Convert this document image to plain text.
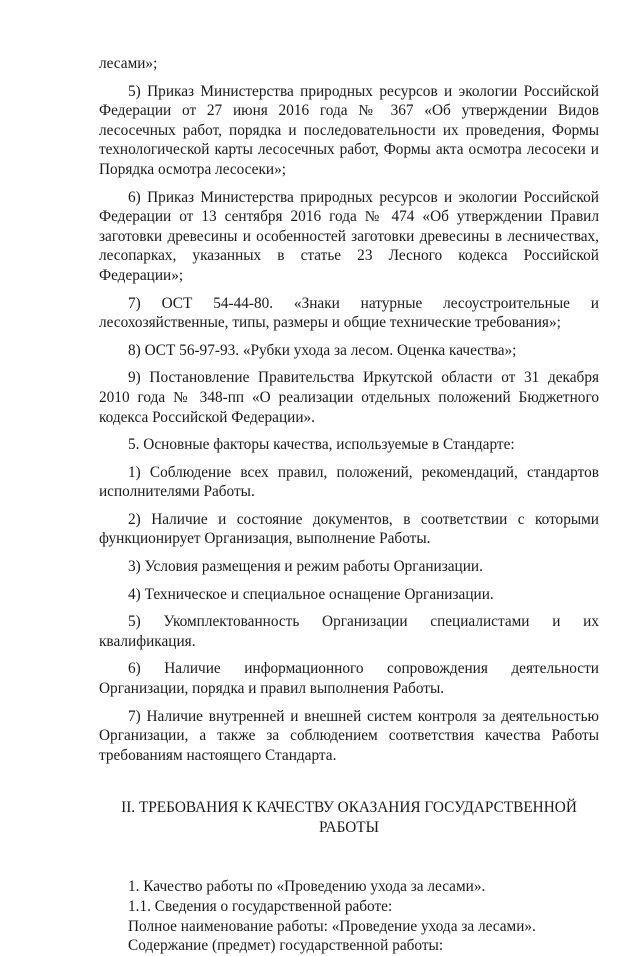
лесами»;

5) Приказ Министерства природных ресурсов и экологии Российской Федерации от 27 июня 2016 года № 367 «Об утверждении Видов лесосечных работ, порядка и последовательности их проведения, Формы технологической карты лесосечных работ, Формы акта осмотра лесосеки и Порядка осмотра лесосеки»;

6) Приказ Министерства природных ресурсов и экологии Российской Федерации от 13 сентября 2016 года № 474 «Об утверждении Правил заготовки древесины и особенностей заготовки древесины в лесничествах, лесопарках, указанных в статье 23 Лесного кодекса Российской Федерации»;

7) ОСТ 54-44-80. «Знаки натурные лесоустроительные и

лесохозяйственные, типы, размеры и общие технические требования»;

8) ОСТ 56-97-93. «Рубки ухода за лесом. Оценка качества»;

9) Постановление Правительства Иркутской области от 31 декабря 2010 года № 348-пп «О реализации отдельных положений Бюджетного кодекса Российской Федерации».

5. Основные факторы качества, используемые в Стандарте:

1) Соблюдение всех правил, положений, рекомендаций, стандартов исполнителями Работы.

2) Наличие и состояние документов, в соответствии с которыми функционирует Организация, выполнение Работы.

3) Условия размещения и режим работы Организации.

4) Техническое и специальное оснащение Организации.

5) Укомплектованность Организации специалистами и их квалификация.

6) Наличие информационного сопровождения деятельности

Организации, порядка и правил выполнения Работы.

7) Наличие внутренней и внешней систем контроля за деятельностью Организации, а также за соблюдением соответствия качества Работы требованиям настоящего Стандарта.

II. ТРЕБОВАНИЯ К КАЧЕСТВУ ОКАЗАНИЯ ГОСУДАРСТВЕННОЙ
РАБОТЫ

1. Качество работы по «Проведению ухода за лесами».

1.1. Сведения о государственной работе:

Полное наименование работы: «Проведение ухода за лесами».

Содержание (предмет) государственной работы:
